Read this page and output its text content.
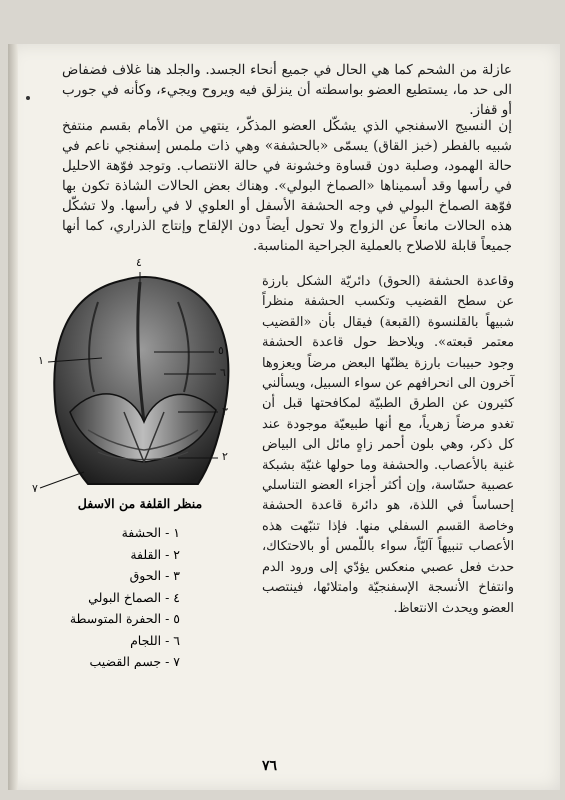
عازلة من الشحم كما هي الحال في جميع أنحاء الجسد. والجلد هنا غلاف فضفاض الى حد ما، يستطيع العضو بواسطته أن ينزلق فيه ويروح ويجيء، وكأنه في جورب أو قفاز.
إن النسيج الاسفنجي الذي يشكّل العضو المذكّر، ينتهي من الأمام بقسم منتفخ شبيه بالفطر (خبز القاق) يسمّى «بالحشفة» وهي ذات ملمس إسفنجي ناعم في حالة الهمود، وصلبة دون قساوة وخشونة في حالة الانتصاب. وتوجد فوّهة الاحليل في رأسها وقد أسميناها «الصماخ البولي». وهناك بعض الحالات الشاذة تكون بها فوّهة الصماخ البولي في وجه الحشفة الأسفل أو العلوي لا في رأسها. ولا تشكّل هذه الحالات مانعاً عن الزواج ولا تحول أيضاً دون الإلقاح وإنتاج الذراري، كما أنها جميعاً قابلة للاصلاح بالعملية الجراحية المناسبة.
وقاعدة الحشفة (الحوق) دائريّة الشكل بارزة عن سطح القضيب وتكسب الحشفة منظراً شبيهاً بالقلنسوة (القبعة) فيقال بأن «القضيب معتمر قبعته». ويلاحظ حول قاعدة الحشفة وجود حبيبات بارزة يظنّها البعض مرضاً ويعزوها آخرون الى انحرافهم عن سواء السبيل، ويسألني كثيرون عن الطرق الطبيّة لمكافحتها قبل أن تغدو مرضاً زهرياً، مع أنها طبيعيّة موجودة عند كل ذكر، وهي بلون أحمر زاهٍ مائل الى البياض غنية بالأعصاب. والحشفة وما حولها غنيّة بشبكة عصبية حسّاسة، وإن أكثر أجزاء العضو التناسلي إحساساً في اللذة، هو دائرة قاعدة الحشفة وخاصة القسم السفلي منها. فإذا تنبّهت هذه الأعصاب تنبيهاً آليّاً، سواء باللّمس أو بالاحتكاك، حدث فعل عصبي منعكس يؤدّي إلى ورود الدم وانتفاخ الأنسجة الإسفنجيّة وامتلائها، فينتصب العضو ويحدث الانتعاظ.
٤
١
٥
٦
٣
٢
٧
منظر القلفة من الاسفل
١ - الحشفة
٢ - القلفة
٣ - الحوق
٤ - الصماخ البولي
٥ - الحفرة المتوسطة
٦ - اللجام
٧ - جسم القضيب
٧٦
